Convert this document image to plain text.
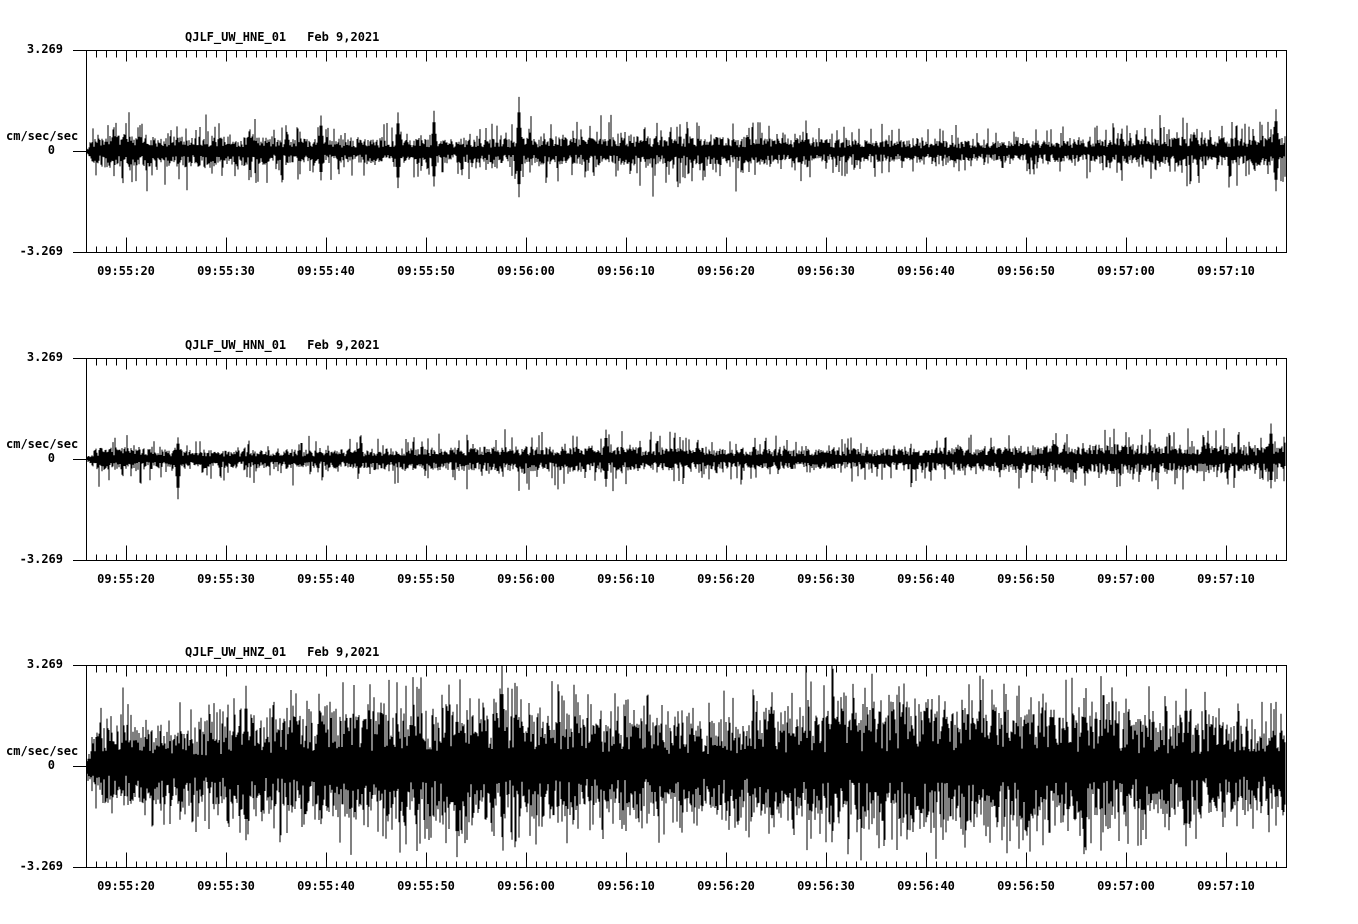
QJLF_UW_HNE_01 Feb 9,2021
3.269
cm/sec/sec
0
-3.269
09:55:20	09:55:30	09:55:40	09:55:50	09:56:00	09:56:10	09:56:20	09:56:30	09:56:40	09:56:50	09:57:00	09:57:10
QJLF_UW_HNN_01 Feb 9,2021
3.269
cm/sec/sec
0
-3.269
09:55:20	09:55:30	09:55:40	09:55:50	09:56:00	09:56:10	09:56:20	09:56:30	09:56:40	09:56:50	09:57:00	09:57:10
QJLF_UW_HNZ_01 Feb 9,2021
3.269
cm/sec/sec
0
-3.269
09:55:20	09:55:30	09:55:40	09:55:50	09:56:00	09:56:10	09:56:20	09:56:30	09:56:40	09:56:50	09:57:00	09:57:10
